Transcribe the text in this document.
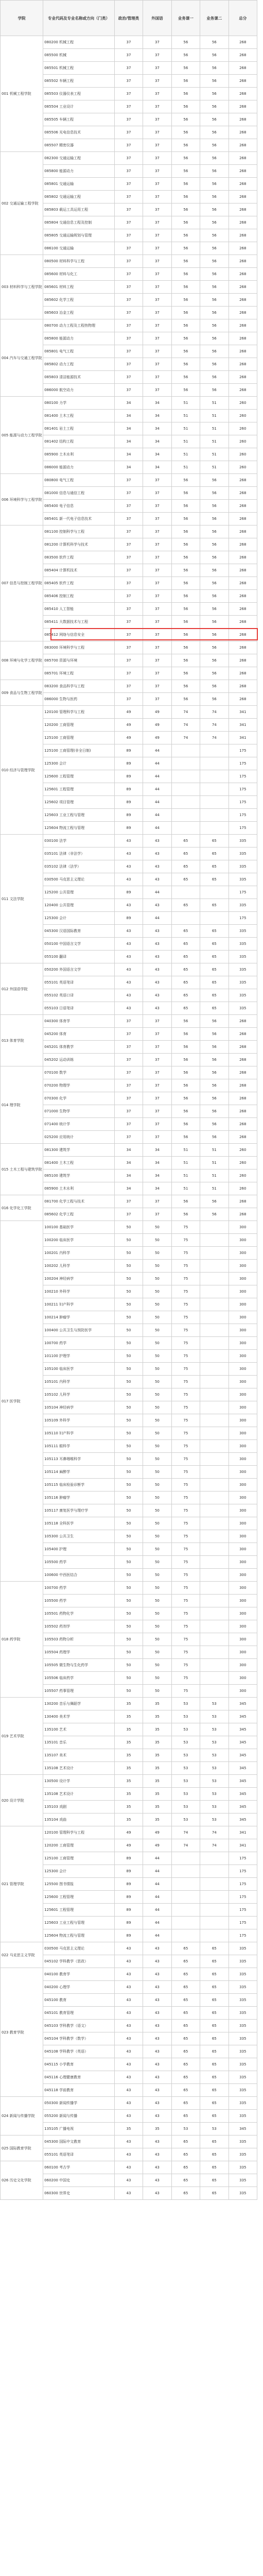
学院	专业代码及专业名称或方向（门类）	政治/管理类	外国语	业务课一	业务课二	总分
001 机械工程学院	080200 机械工程	37	37	56	56	268
	085500 机械	37	37	56	56	268
	085501 机械工程	37	37	56	56	268
	085502 车辆工程	37	37	56	56	268
	085503 仪器仪表工程	37	37	56	56	268
	085504 工业设计	37	37	56	56	268
	085505 车辆工程	37	37	56	56	268
	085506 光电信息技术	37	37	56	56	268
	085507 精密仪器	37	37	56	56	268
002 交通运输工程学院	082300 交通运输工程	37	37	56	56	268
	085800 能源动力	37	37	56	56	268
	085801 交通运输	37	37	56	56	268
	085802 交通运输工程	37	37	56	56	268
	085803 载运工具运用工程	37	37	56	56	268
	085804 交通信息工程及控制	37	37	56	56	268
	085805 交通运输规划与管理	37	37	56	56	268
	086100 交通运输	37	37	56	56	268
003 材料科学与工程学院	080500 材料科学与工程	37	37	56	56	268
	085600 材料与化工	37	37	56	56	268
	085601 材料工程	37	37	56	56	268
	085602 化学工程	37	37	56	56	268
	085603 冶金工程	37	37	56	56	268
004 汽车与交通工程学院	080700 动力工程及工程热物理	37	37	56	56	268
	085800 能源动力	37	37	56	56	268
	085801 电气工程	37	37	56	56	268
	085802 动力工程	37	37	56	56	268
	085803 清洁能源技术	37	37	56	56	268
	086000 航空动力	37	37	56	56	268
005 能源与动力工程学院	080100 力学	34	34	51	51	260
	081400 土木工程	34	34	51	51	260
	081401 岩土工程	34	34	51	51	260
	081402 结构工程	34	34	51	51	260
	085900 土木水利	34	34	51	51	260
	086000 能源动力	34	34	51	51	260
006 环境科学与工程学院	080800 电气工程	37	37	56	56	268
	081000 信息与通信工程	37	37	56	56	268
	085400 电子信息	37	37	56	56	268
	085401 新一代电子信息技术	37	37	56	56	268
007 信息与控制工程学院	081100 控制科学与工程	37	37	56	56	268
	081200 计算机科学与技术	37	37	56	56	268
	083500 软件工程	37	37	56	56	268
	085404 计算机技术	37	37	56	56	268
	085405 软件工程	37	37	56	56	268
	085406 控制工程	37	37	56	56	268
	085410 人工智能	37	37	56	56	268
	085411 大数据技术与工程	37	37	56	56	268
	085412 网络与信息安全	37	37	56	56	268
008 环境与化学工程学院	083000 环境科学与工程	37	37	56	56	268
	085700 资源与环境	37	37	56	56	268
	085701 环境工程	37	37	56	56	268
009 食品与生物工程学院	083200 食品科学与工程	37	37	56	56	268
	086000 生物与医药	37	37	56	56	268
010 经济与管理学院	120100 管理科学与工程	49	49	74	74	341
	120200 工商管理	49	49	74	74	341
	125100 工商管理	49	49	74	74	341
	125100 工商管理(非全日制)	89	44			175
	125300 会计	89	44			175
	125600 工程管理	89	44			175
	125601 工程管理	89	44			175
	125602 项目管理	89	44			175
	125603 工业工程与管理	89	44			175
	125604 物流工程与管理	89	44			175
011 文法学院	030100 法学	43	43	65	65	335
	035101 法律（非法学）	43	43	65	65	335
	035102 法律（法学）	43	43	65	65	335
	030500 马克思主义理论	43	43	65	65	335
	125200 公共管理	89	44			175
	120400 公共管理	43	43	65	65	335
	125300 会计	89	44			175
	045300 汉语国际教育	43	43	65	65	335
	050100 中国语言文学	43	43	65	65	335
	055100 翻译	43	43	65	65	335
012 外国语学院	050200 外国语言文学	43	43	65	65	335
	055101 英语笔译	43	43	65	65	335
	055102 英语口译	43	43	65	65	335
	055103 日语笔译	43	43	65	65	335
013 体育学院	040300 体育学	37	37	56	56	268
	045200 体育	37	37	56	56	268
	045201 体育教学	37	37	56	56	268
	045202 运动训练	37	37	56	56	268
014 理学院	070100 数学	37	37	56	56	268
	070200 物理学	37	37	56	56	268
	070300 化学	37	37	56	56	268
	071000 生物学	37	37	56	56	268
	071400 统计学	37	37	56	56	268
	025200 应用统计	37	37	56	56	268
015 土木工程与建筑学院	081300 建筑学	34	34	51	51	260
	081400 土木工程	34	34	51	51	260
	085100 建筑学	34	34	51	51	260
	085900 土木水利	34	34	51	51	260
016 化学化工学院	081700 化学工程与技术	37	37	56	56	268
	085602 化学工程	37	37	56	56	268
017 医学院	100100 基础医学	50	50	75		300
	100200 临床医学	50	50	75		300
	100201 内科学	50	50	75		300
	100202 儿科学	50	50	75		300
	100204 神经病学	50	50	75		300
	100210 外科学	50	50	75		300
	100211 妇产科学	50	50	75		300
	100214 肿瘤学	50	50	75		300
	100400 公共卫生与预防医学	50	50	75		300
	100700 药学	50	50	75		300
	101100 护理学	50	50	75		300
	105100 临床医学	50	50	75		300
	105101 内科学	50	50	75		300
	105102 儿科学	50	50	75		300
	105104 神经病学	50	50	75		300
	105109 外科学	50	50	75		300
	105110 妇产科学	50	50	75		300
	105111 眼科学	50	50	75		300
	105113 耳鼻咽喉科学	50	50	75		300
	105114 麻醉学	50	50	75		300
	105115 临床检验诊断学	50	50	75		300
	105116 肿瘤学	50	50	75		300
	105117 康复医学与理疗学	50	50	75		300
	105118 全科医学	50	50	75		300
	105300 公共卫生	50	50	75		300
	105400 护理	50	50	75		300
	105500 药学	50	50	75		300
	100600 中西医结合	50	50	75		300
018 药学院	100700 药学	50	50	75		300
	105500 药学	50	50	75		300
	105501 药物化学	50	50	75		300
	105502 药剂学	50	50	75		300
	105503 药物分析	50	50	75		300
	105504 药理学	50	50	75		300
	105505 微生物与生化药学	50	50	75		300
	105506 临床药学	50	50	75		300
	105507 药事管理	50	50	75		300
019 艺术学院	130200 音乐与舞蹈学	35	35	53	53	345
	130400 美术学	35	35	53	53	345
	135100 艺术	35	35	53	53	345
	135101 音乐	35	35	53	53	345
	135107 美术	35	35	53	53	345
	135108 艺术设计	35	35	53	53	345
020 设计学院	130500 设计学	35	35	53	53	345
	135108 艺术设计	35	35	53	53	345
	135103 戏剧	35	35	53	53	345
	135104 戏曲	35	35	53	53	345
021 管理学院	120100 管理科学与工程	49	49	74	74	341
	120200 工商管理	49	49	74	74	341
	125100 工商管理	89	44			175
	125300 会计	89	44			175
	125500 图书情报	89	44			175
	125600 工程管理	89	44			175
	125601 工程管理	89	44			175
	125603 工业工程与管理	89	44			175
	125604 物流工程与管理	89	44			175
022 马克思主义学院	030500 马克思主义理论	43	43	65	65	335
	045102 学科教学（思政）	43	43	65	65	335
023 教育学院	040100 教育学	43	43	65	65	335
	040200 心理学	43	43	65	65	335
	045100 教育	43	43	65	65	335
	045101 教育管理	43	43	65	65	335
	045103 学科教学（语文）	43	43	65	65	335
	045104 学科教学（数学）	43	43	65	65	335
	045108 学科教学（英语）	43	43	65	65	335
	045115 小学教育	43	43	65	65	335
	045116 心理健康教育	43	43	65	65	335
	045118 学前教育	43	43	65	65	335
024 新闻与传播学院	050300 新闻传播学	43	43	65	65	335
	055200 新闻与传播	43	43	65	65	335
	135105 广播电视	35	35	53	53	345
025 国际教育学院	045300 国际中文教育	43	43	65	65	335
	055101 英语笔译	43	43	65	65	335
026 历史文化学院	060100 考古学	43	43	65	65	335
	060200 中国史	43	43	65	65	335
	060300 世界史	43	43	65	65	335
